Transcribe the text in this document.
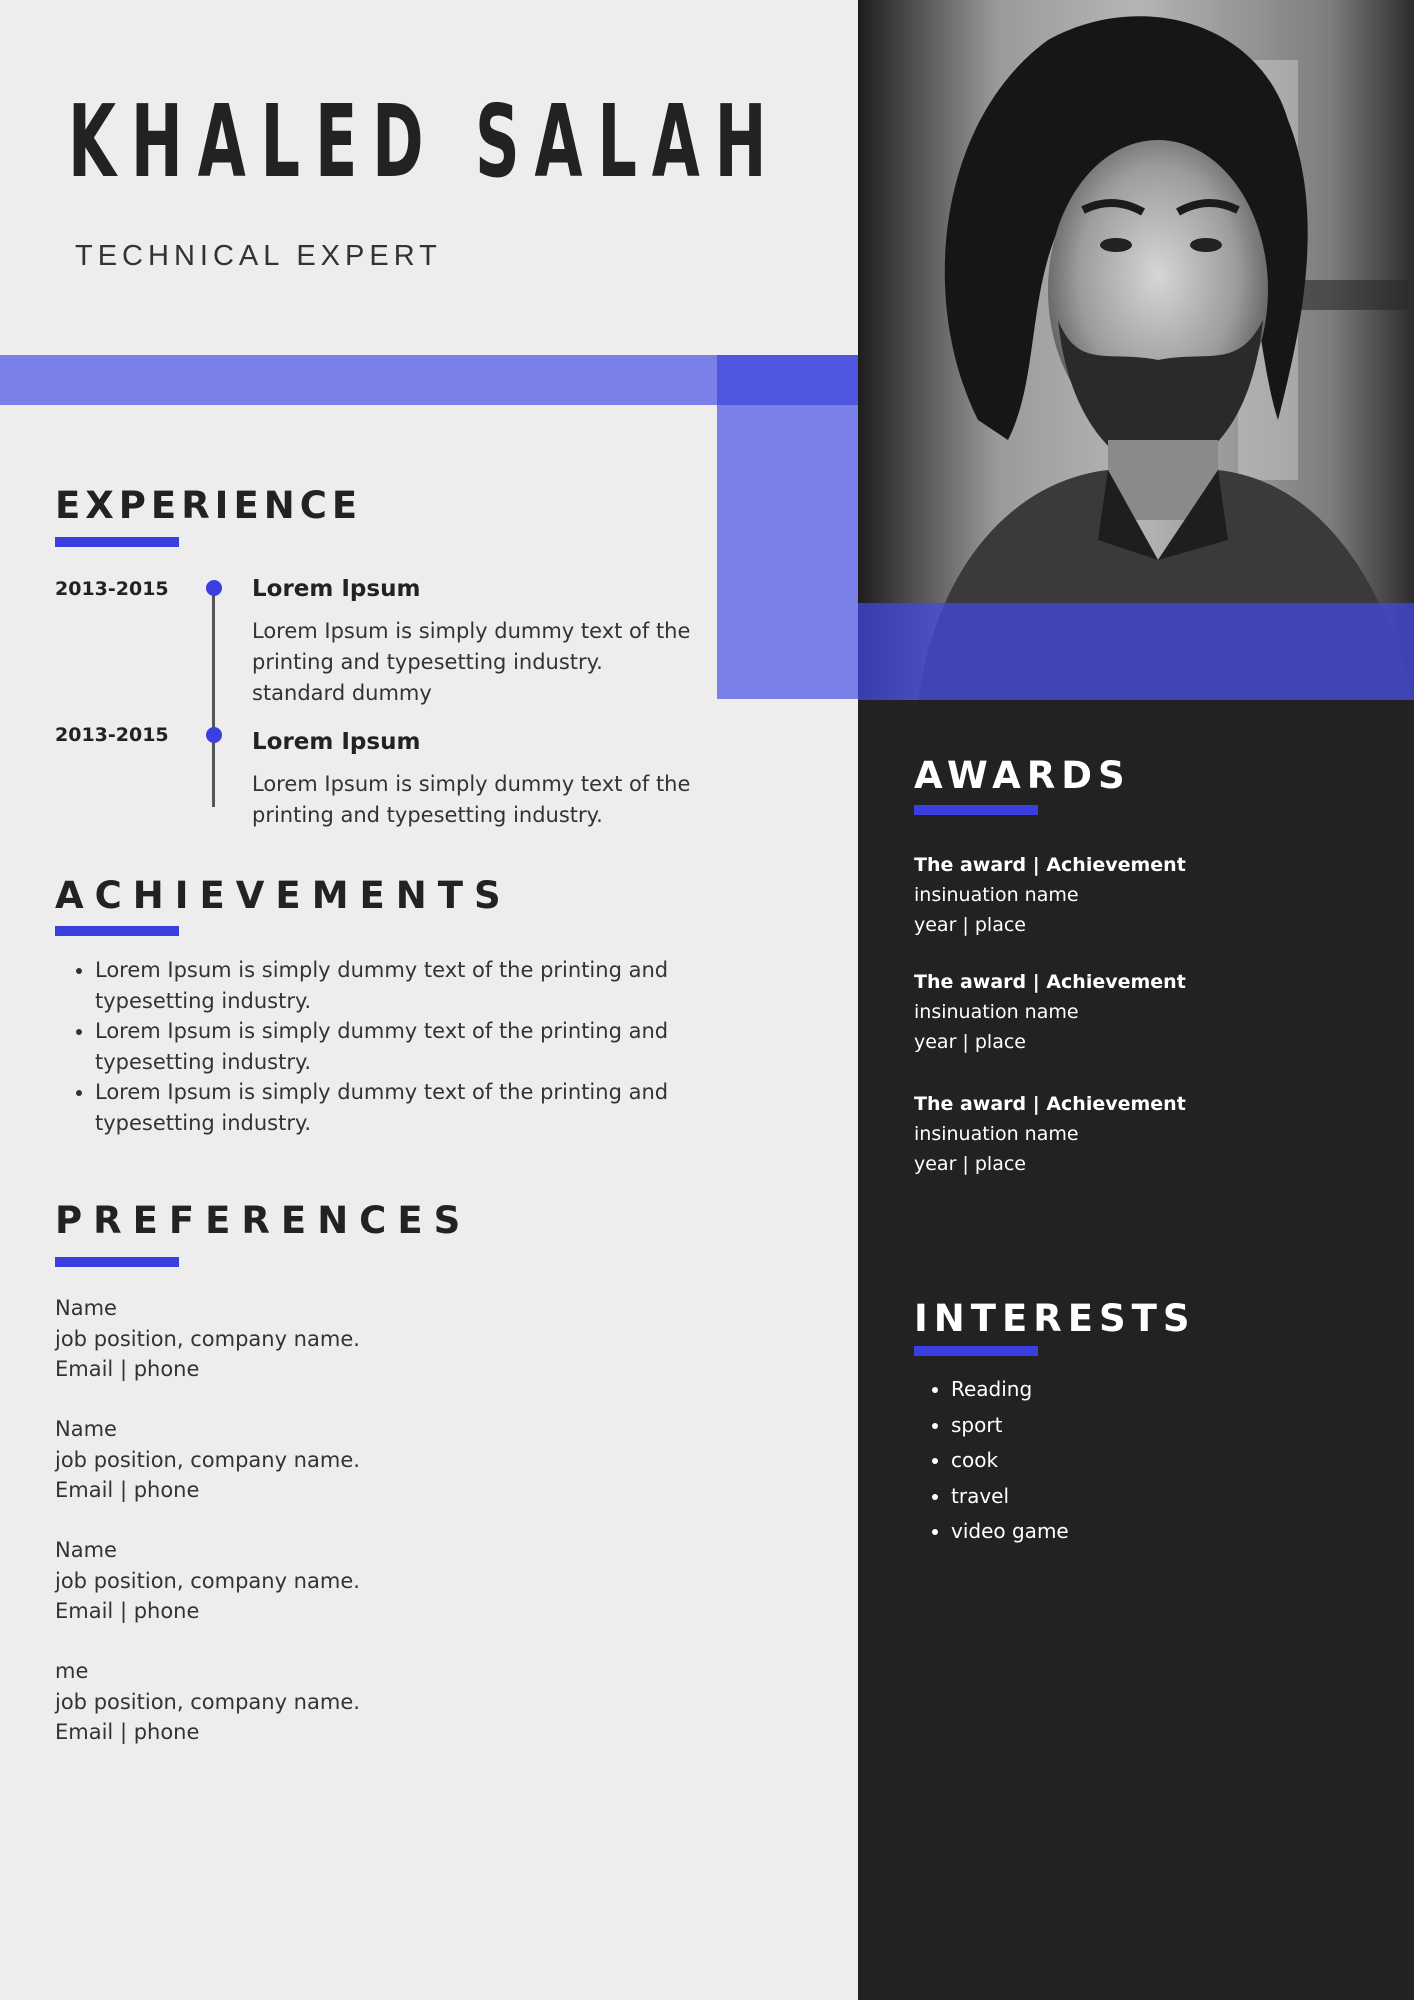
KHALED SALAH
TECHNICAL EXPERT
EXPERIENCE
2013-2015	Lorem Ipsum
Lorem Ipsum is simply dummy text of the printing and typesetting industry.
standard dummy
2013-2015	Lorem Ipsum
Lorem Ipsum is simply dummy text of the printing and typesetting industry.
ACHIEVEMENTS
• Lorem Ipsum is simply dummy text of the printing and typesetting industry.
• Lorem Ipsum is simply dummy text of the printing and typesetting industry.
• Lorem Ipsum is simply dummy text of the printing and typesetting industry.
PREFERENCES
Name
job position, company name.
Email | phone
Name
job position, company name.
Email | phone
Name
job position, company name.
Email | phone
me
job position, company name.
Email | phone
AWARDS
The award | Achievement
insinuation name
year | place
The award | Achievement
insinuation name
year | place
The award | Achievement
insinuation name
year | place
INTERESTS
• Reading
• sport
• cook
• travel
• video game
